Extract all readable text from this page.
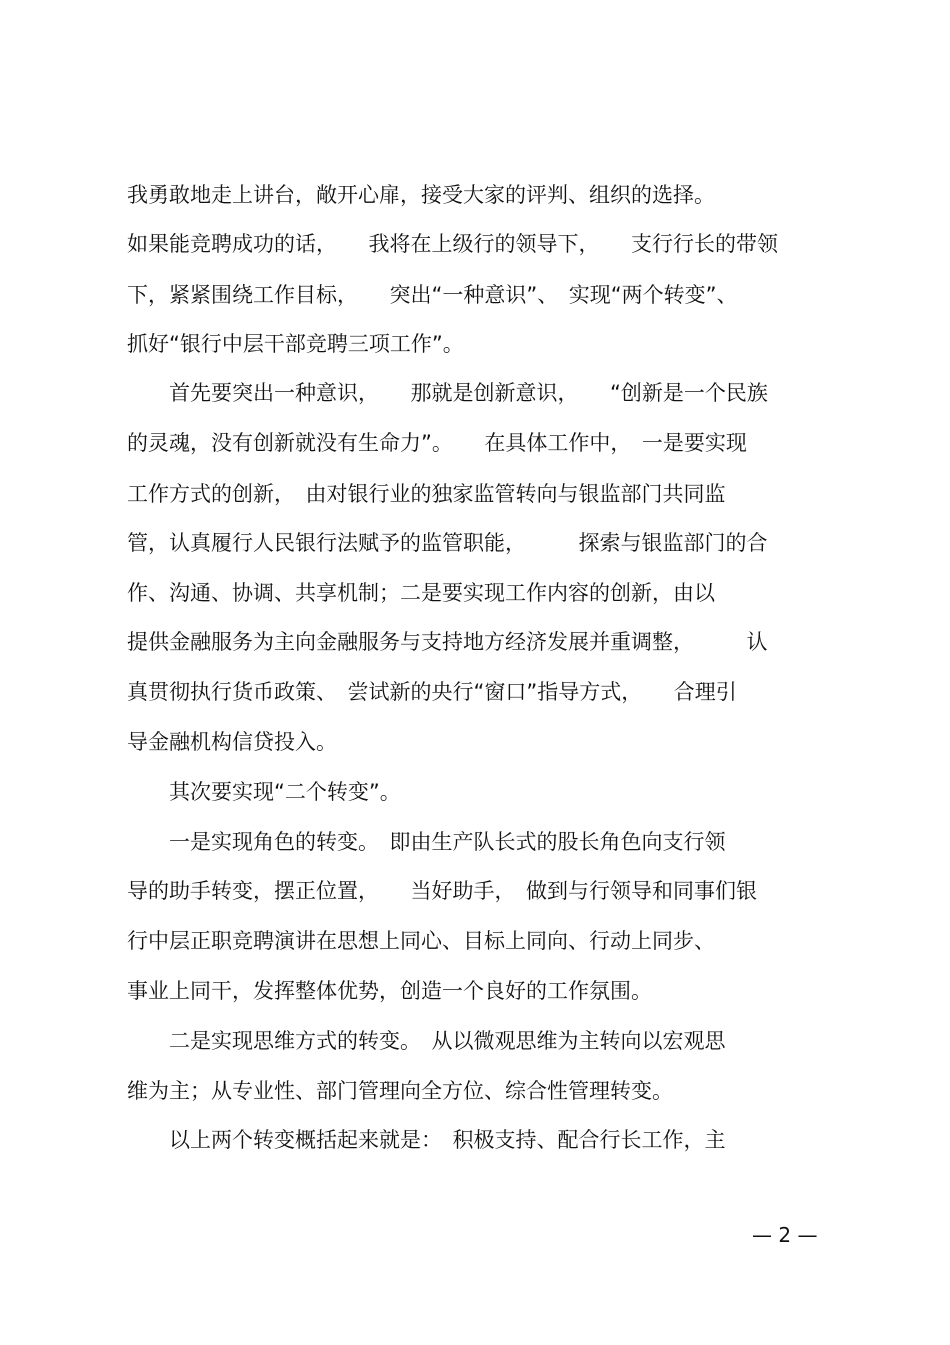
我勇敢地走上讲台，敞开心扉，接受大家的评判、组织的选择。
如果能竞聘成功的话，　　我将在上级行的领导下，　　支行行长的带领
下，紧紧围绕工作目标，　　突出“一种意识”、　实现“两个转变”、
抓好“银行中层干部竞聘三项工作”。
　　首先要突出一种意识，　　那就是创新意识，　　“创新是一个民族
的灵魂，没有创新就没有生命力”。　　在具体工作中，　一是要实现
工作方式的创新，　由对银行业的独家监管转向与银监部门共同监
管，认真履行人民银行法赋予的监管职能，　　　探索与银监部门的合
作、沟通、协调、共享机制；二是要实现工作内容的创新，由以
提供金融服务为主向金融服务与支持地方经济发展并重调整，　　　认
真贯彻执行货币政策、　尝试新的央行“窗口”指导方式，　　合理引
导金融机构信贷投入。
　　其次要实现“二个转变”。
　　一是实现角色的转变。　即由生产队长式的股长角色向支行领
导的助手转变，摆正位置，　　当好助手，　做到与行领导和同事们银
行中层正职竞聘演讲在思想上同心、目标上同向、行动上同步、
事业上同干，发挥整体优势，创造一个良好的工作氛围。
　　二是实现思维方式的转变。　从以微观思维为主转向以宏观思
维为主；从专业性、部门管理向全方位、综合性管理转变。
　　以上两个转变概括起来就是：　积极支持、配合行长工作，主
— 2 —
